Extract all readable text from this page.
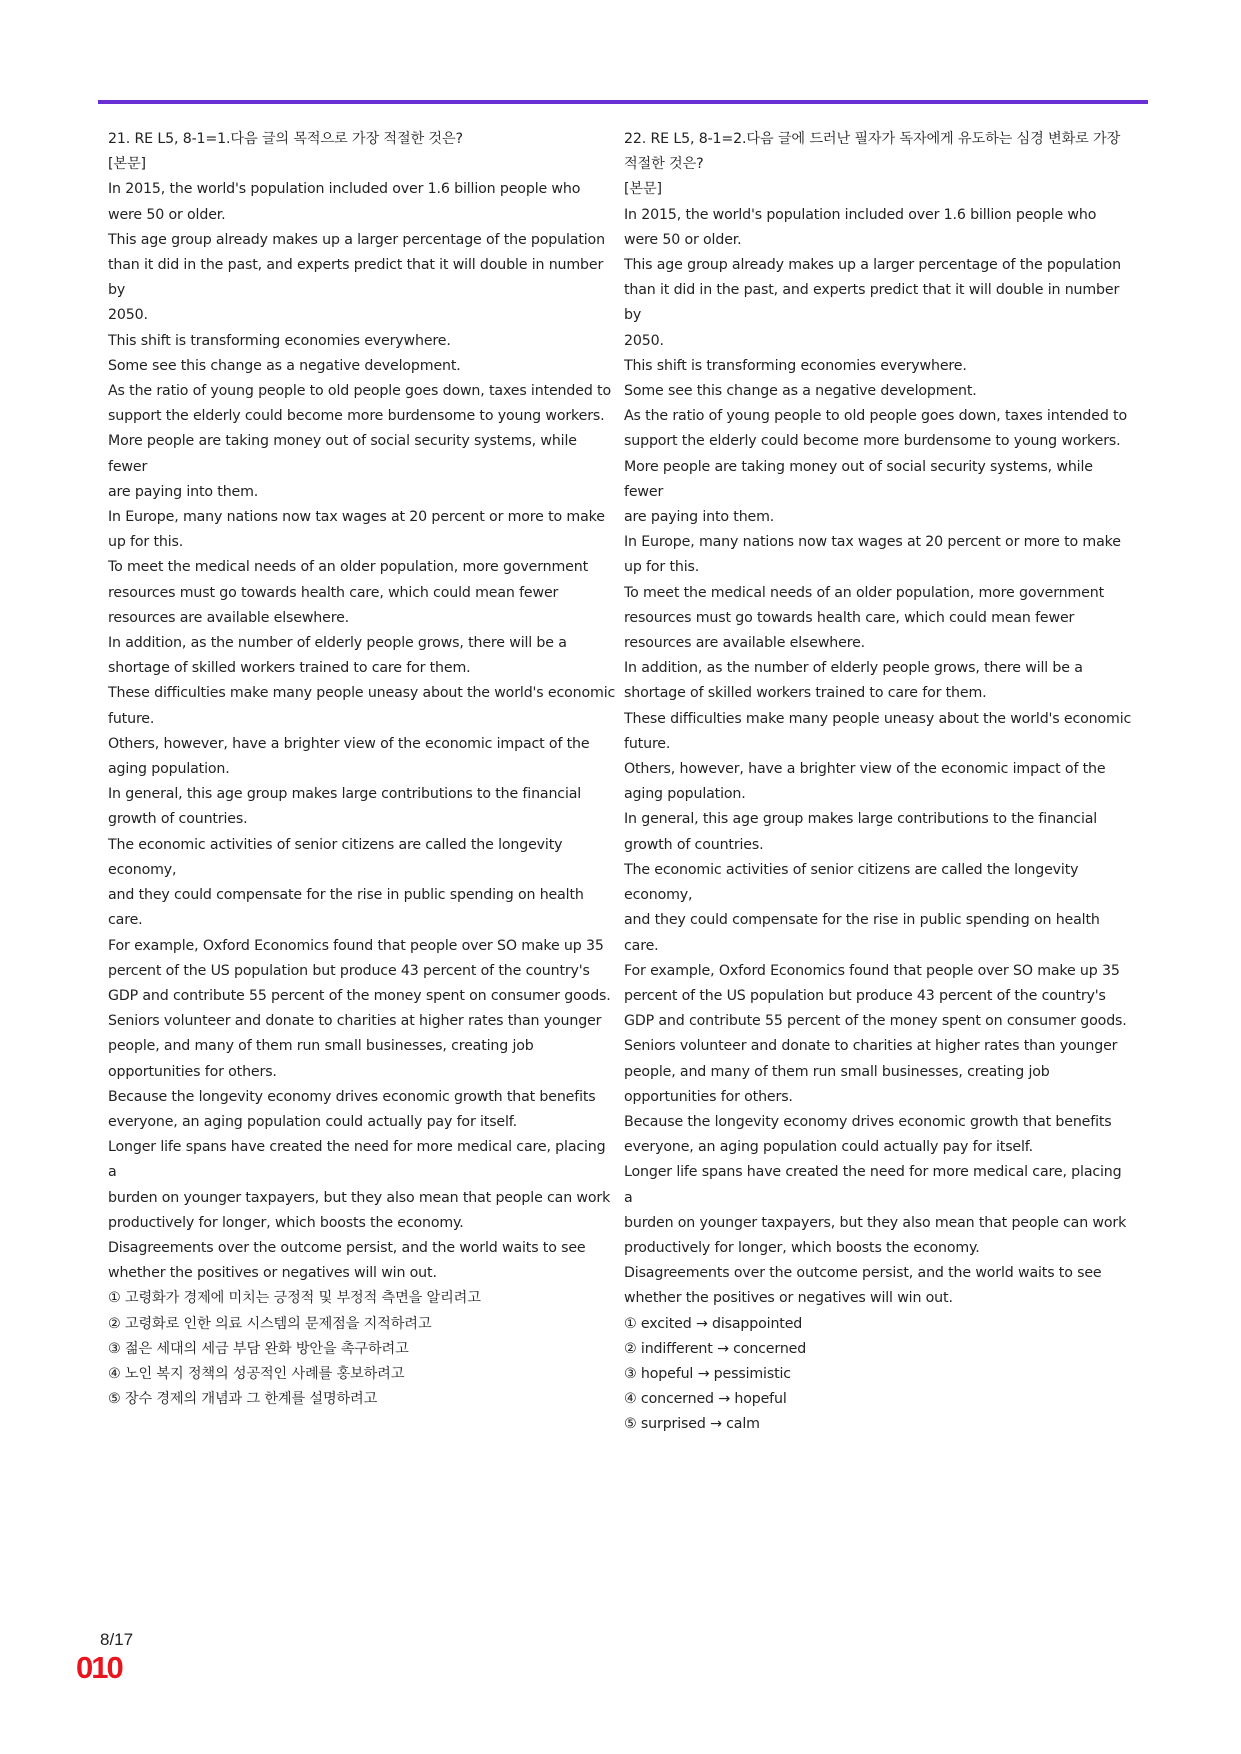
21. RE L5, 8-1=1.다음 글의 목적으로 가장 적절한 것은?
[본문]
In 2015, the world's population included over 1.6 billion people who
were 50 or older.
This age group already makes up a larger percentage of the population
than it did in the past, and experts predict that it will double in number by
2050.
This shift is transforming economies everywhere.
Some see this change as a negative development.
As the ratio of young people to old people goes down, taxes intended to
support the elderly could become more burdensome to young workers.
More people are taking money out of social security systems, while fewer
are paying into them.
In Europe, many nations now tax wages at 20 percent or more to make
up for this.
To meet the medical needs of an older population, more government
resources must go towards health care, which could mean fewer
resources are available elsewhere.
In addition, as the number of elderly people grows, there will be a
shortage of skilled workers trained to care for them.
These difficulties make many people uneasy about the world's economic
future.
Others, however, have a brighter view of the economic impact of the
aging population.
In general, this age group makes large contributions to the financial
growth of countries.
The economic activities of senior citizens are called the longevity economy,
and they could compensate for the rise in public spending on health care.
For example, Oxford Economics found that people over SO make up 35
percent of the US population but produce 43 percent of the country's
GDP and contribute 55 percent of the money spent on consumer goods.
Seniors volunteer and donate to charities at higher rates than younger
people, and many of them run small businesses, creating job
opportunities for others.
Because the longevity economy drives economic growth that benefits
everyone, an aging population could actually pay for itself.
Longer life spans have created the need for more medical care, placing a
burden on younger taxpayers, but they also mean that people can work
productively for longer, which boosts the economy.
Disagreements over the outcome persist, and the world waits to see
whether the positives or negatives will win out.
① 고령화가 경제에 미치는 긍정적 및 부정적 측면을 알리려고
② 고령화로 인한 의료 시스템의 문제점을 지적하려고
③ 젊은 세대의 세금 부담 완화 방안을 촉구하려고
④ 노인 복지 정책의 성공적인 사례를 홍보하려고
⑤ 장수 경제의 개념과 그 한계를 설명하려고
22. RE L5, 8-1=2.다음 글에 드러난 필자가 독자에게 유도하는 심경 변화로 가장
적절한 것은?
[본문]
In 2015, the world's population included over 1.6 billion people who
were 50 or older.
This age group already makes up a larger percentage of the population
than it did in the past, and experts predict that it will double in number by
2050.
This shift is transforming economies everywhere.
Some see this change as a negative development.
As the ratio of young people to old people goes down, taxes intended to
support the elderly could become more burdensome to young workers.
More people are taking money out of social security systems, while fewer
are paying into them.
In Europe, many nations now tax wages at 20 percent or more to make
up for this.
To meet the medical needs of an older population, more government
resources must go towards health care, which could mean fewer
resources are available elsewhere.
In addition, as the number of elderly people grows, there will be a
shortage of skilled workers trained to care for them.
These difficulties make many people uneasy about the world's economic
future.
Others, however, have a brighter view of the economic impact of the
aging population.
In general, this age group makes large contributions to the financial
growth of countries.
The economic activities of senior citizens are called the longevity economy,
and they could compensate for the rise in public spending on health care.
For example, Oxford Economics found that people over SO make up 35
percent of the US population but produce 43 percent of the country's
GDP and contribute 55 percent of the money spent on consumer goods.
Seniors volunteer and donate to charities at higher rates than younger
people, and many of them run small businesses, creating job
opportunities for others.
Because the longevity economy drives economic growth that benefits
everyone, an aging population could actually pay for itself.
Longer life spans have created the need for more medical care, placing a
burden on younger taxpayers, but they also mean that people can work
productively for longer, which boosts the economy.
Disagreements over the outcome persist, and the world waits to see
whether the positives or negatives will win out.
① excited → disappointed
② indifferent → concerned
③ hopeful → pessimistic
④ concerned → hopeful
⑤ surprised → calm
8/17
010
